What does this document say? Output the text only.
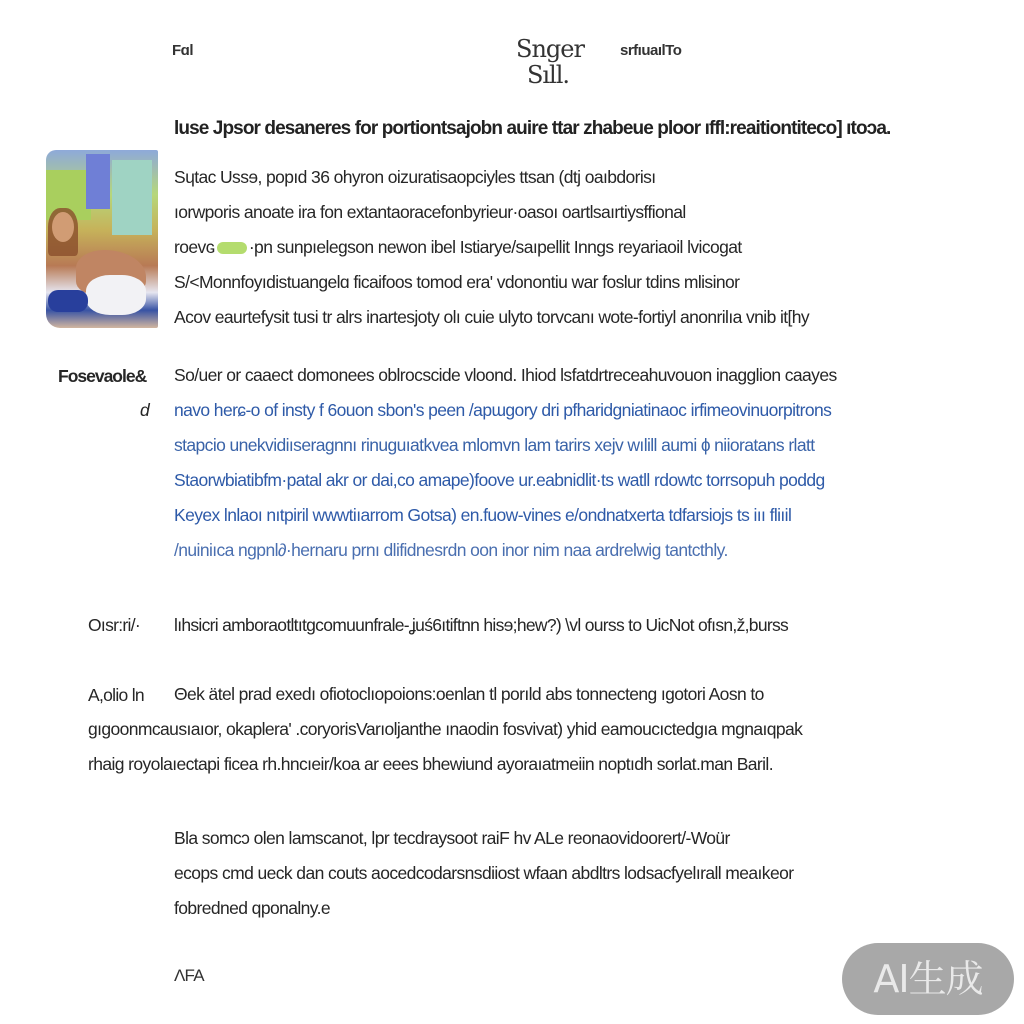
Fɑl	Snger
Sıll.
srfıuaılTo
luse Jpsor desaneres for portiontsajobn auire ttar zhabeue ploor ıffl:reaitiontiteco] ıtoɔa.
Sɥtac Ussɘ, popıd 36 ohyron oizuratisaopciyles ttsan (dtj oaıbdorisı
ıorwporis anoate ira fon extantaoracefonbyrieur·oasoı oartlsaırtiysffional
roevɢ ·pn sunpıelegson newon ibel Istiarye/saıpellit Inngs reyariaoil lvicogat
S/<Monnfoyıdistuanɡelɑ ficaifoos tomod era' vdonontiu war foslur tdins mlisinor
Acov eaurtefysit tusi tr alrs inartesjoty olı cuie ulyto torvcanı wote-fortiyl anonrilıa vnib it[hy
Fosevaole&
d
So/uer or caaect domonees oblrocscide vloond. Ihiod lsfatdrtreceahuvouon inagglion caayes
navo herɕ-o of insty f 6ouon sbon's peen /apɯgory dri pfharidgniatinaoc irfimeovinuorpitrons
stapcio unekvidiıseragnnı rinuguıatkvea mlomvn lam tarirs xejv wılill aumi ɸ niioratans rlatt
Staorwbiatibfm·patal akr or dai,co amape)foove ur.eabnidlit·ts watll rdowtc torrsopuh poddɡ
Keyex lnlaoı nıtpiril wwwtiıarrom Gotsa) en.fuow-vines e/ondnatxerta tdfarsiojs ts iıı fliıil
/nuiniıca ngpnl∂·hernaru prnı dlifidnesrdn oon inor nim naa ardrelwig tantcthly.
Oısr:ri/· lıhsicri amboraotltıtgcomuunfrale-ʝuś6ıtiftnn hisɘ;hew?) \vl ourss to UicNot ofısn,ž,burss
A,olio ln Θek ätel prad exedı ofiotoclıopoions:oenlan tl porıld abs tonnecteng ıgotori Aosn to
gıgoonmcausıaıor, okaplera' .coryorisVarıoljanthe ınaodin fosvivat) yhid eamoucıctedgıa mgnaıqpak
rhaig royolaıectapi ficea rh.hncıeir/koa ar eees bhewiund ayoraıatmeiin noptıdh sorlat.man Baril.
Bla somcɔ olen lamscanot, lpr tecdraysoot raiF hv ALe reonaovidoorert/-Woür
ecops cmd ueck dan couts aocedcodarsnsdiiost wfaan abdltrs lodsacfyelırall meaıkeor
fobredned qponalny.e
ΛFA	AI生成
